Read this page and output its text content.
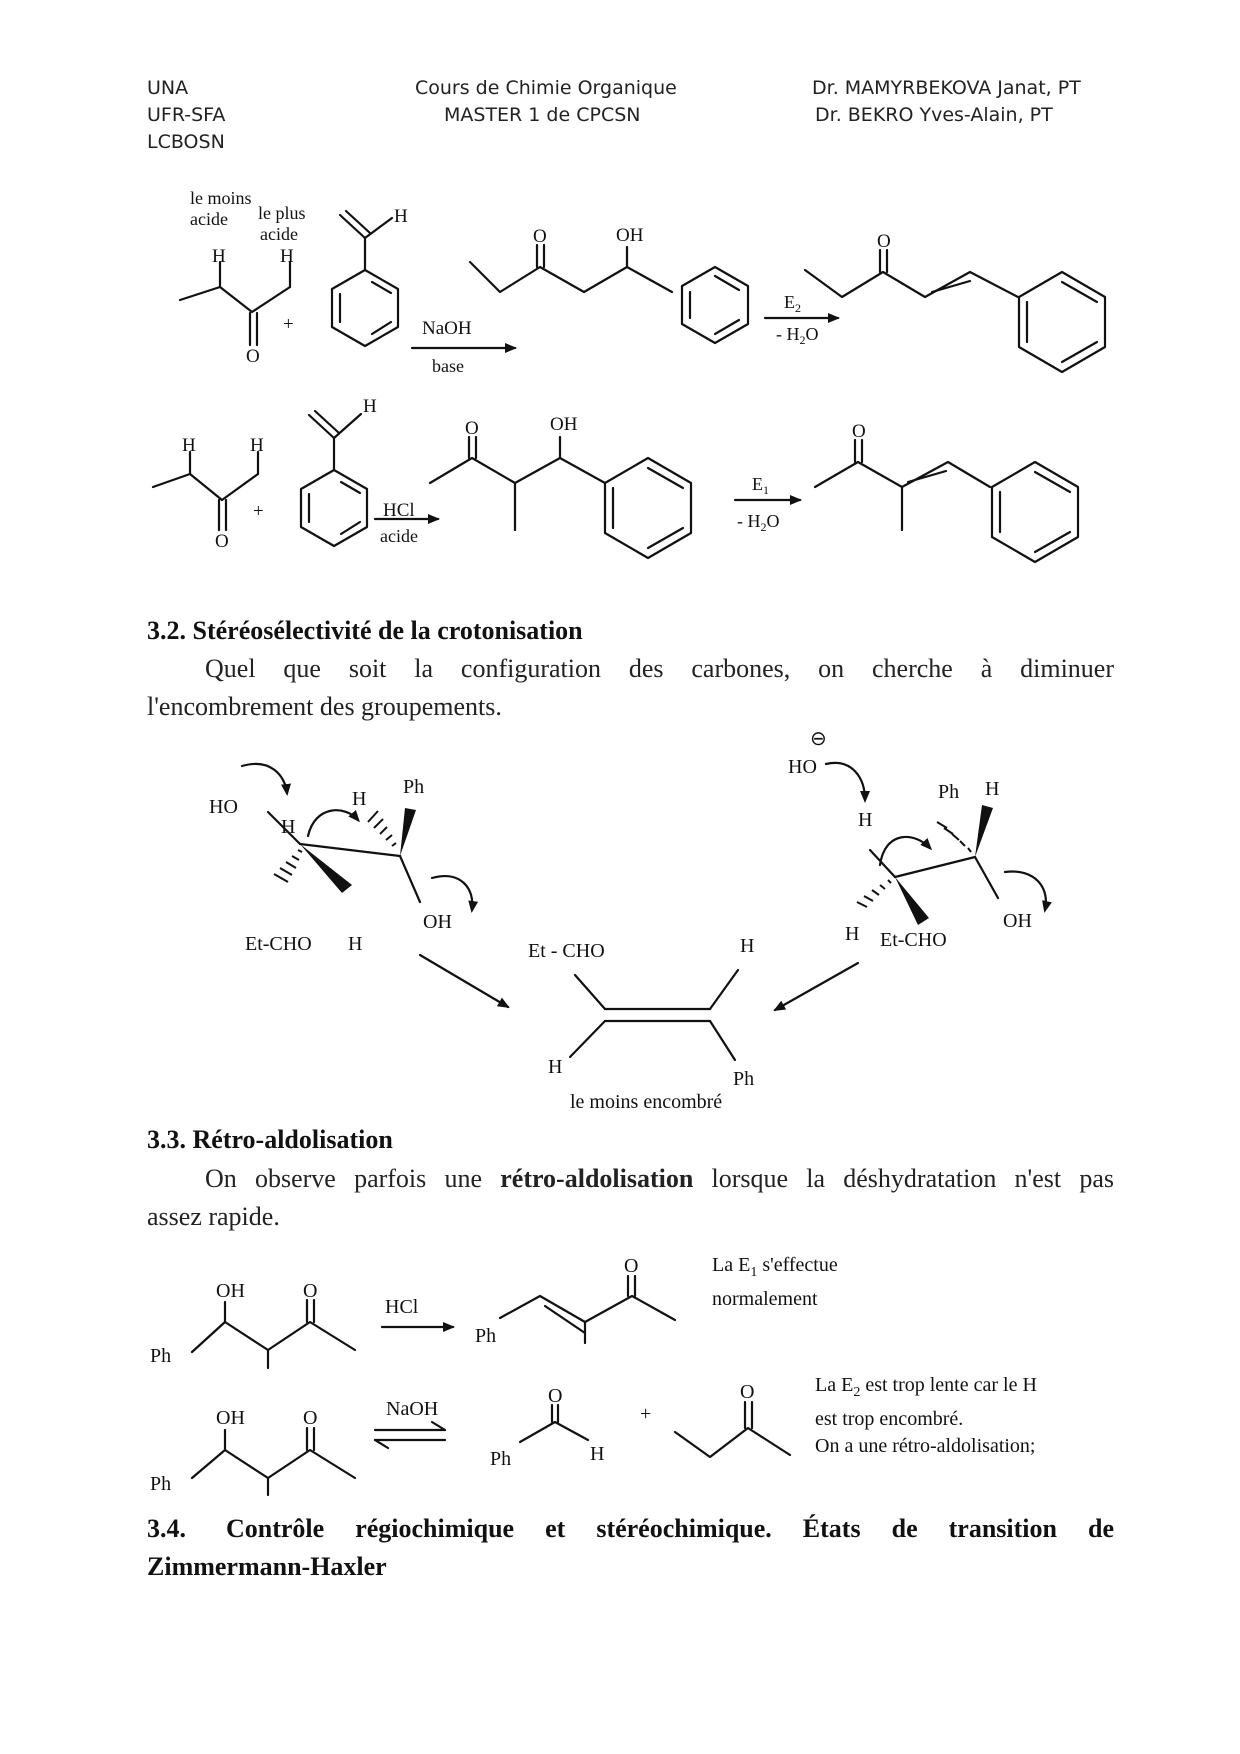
UNA
UFR-SFA
LCBOSN
Cours de Chimie Organique
MASTER 1 de CPCSN
Dr. MAMYRBEKOVA Janat, PT
Dr. BEKRO Yves-Alain, PT
3.2. Stéréosélectivité de la crotonisation
Quel que soit la configuration des carbones, on cherche à diminuer
l'encombrement des groupements.
3.3. Rétro-aldolisation
On observe parfois une rétro-aldolisation lorsque la déshydratation n'est pas
assez rapide.
3.4. Contrôle régiochimique et stéréochimique. États de transition de
Zimmermann-Haxler
La $E_1$ s'effectue
normalement
La $E_2$ est trop lente car le H
est trop encombré.
On a une rétro-aldolisation;
le moins
acide le plus
acide
H	H
O
+
H
NaOH
base
O	OH
$E_2$
- $H_2O$
O
H	H
O
+
H
HCl
acide
O	OH
$E_1$
- $H_2O$
O
HO	H
Ph
H
OH
Et-CHO H
⊖
HO
Ph H
H
OH
H Et-CHO
Et - CHO	H
H
Ph
le moins encombré
OH	O
Ph
HCl
Ph
O
OH	O
Ph
NaOH
Ph
O
H
+
O
